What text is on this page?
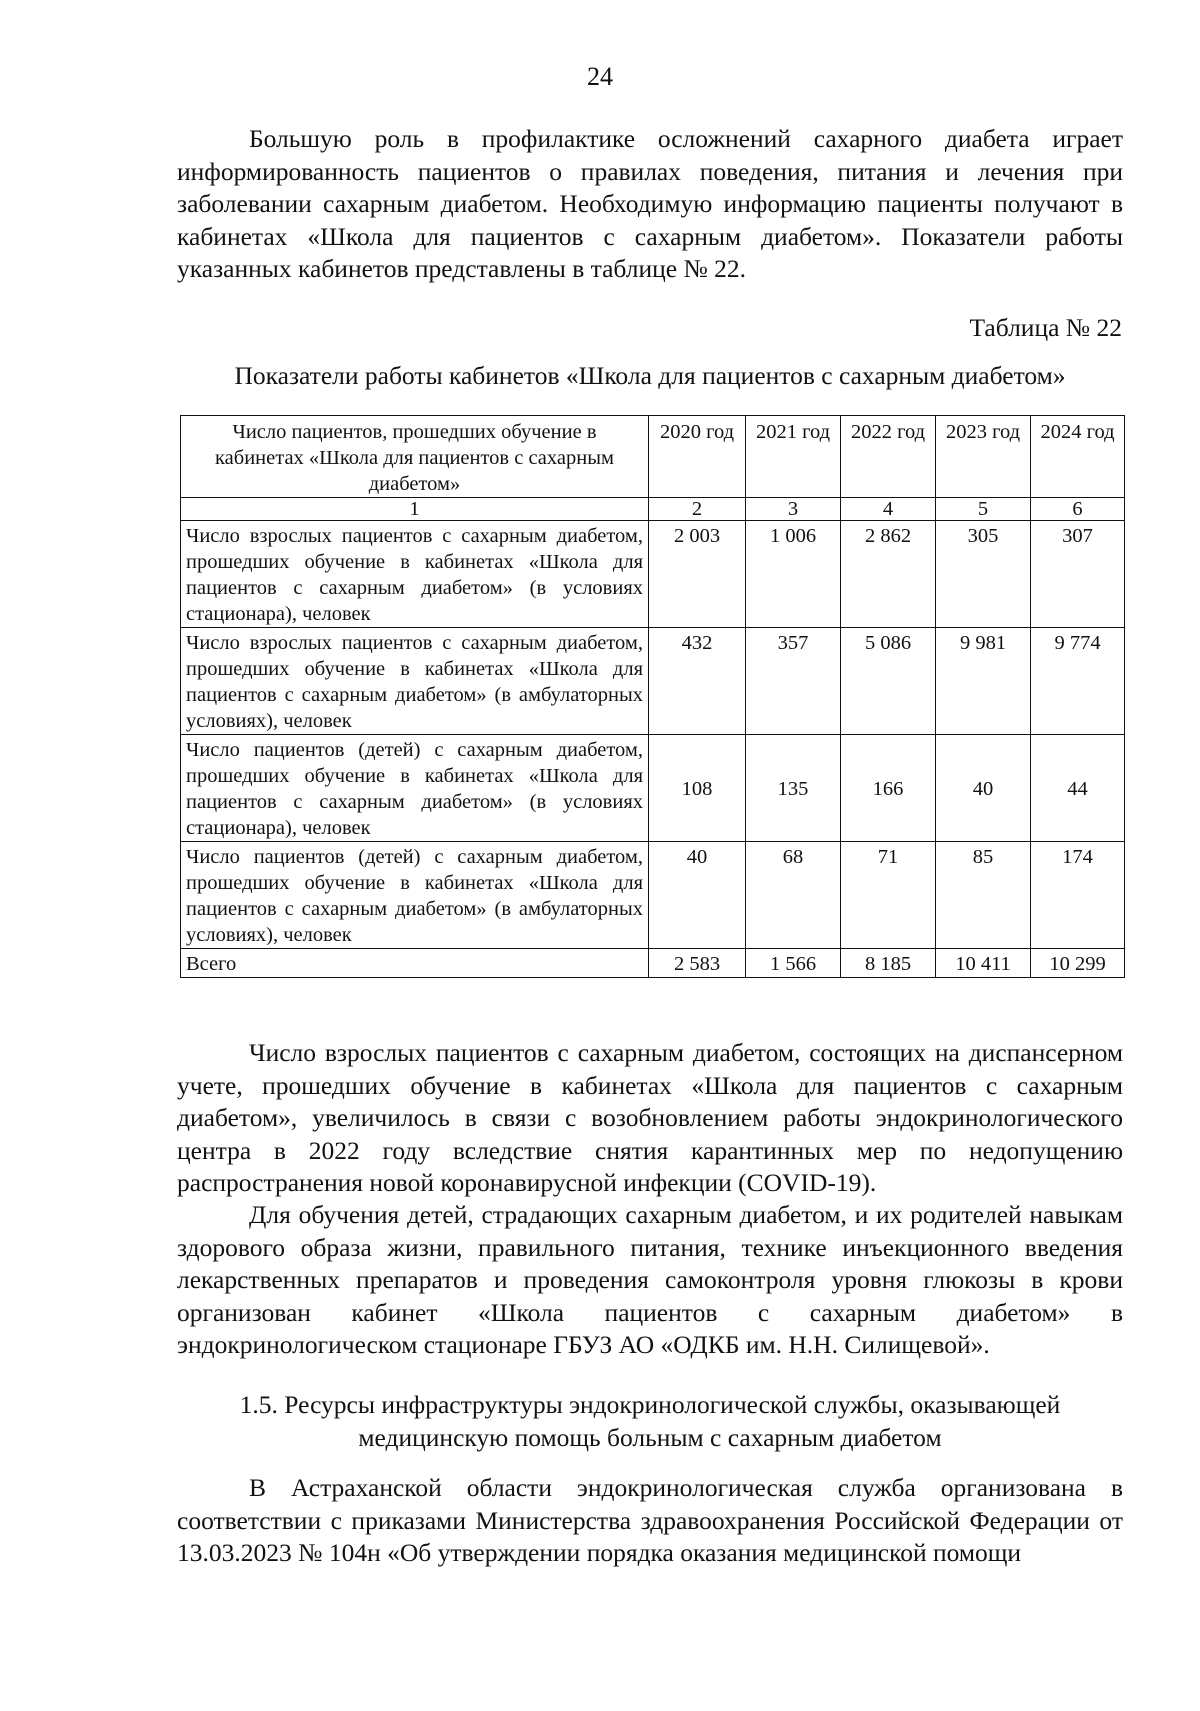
24

Большую роль в профилактике осложнений сахарного диабета играет информированность пациентов о правилах поведения, питания и лечения при заболевании сахарным диабетом. Необходимую информацию пациенты получают в кабинетах «Школа для пациентов с сахарным диабетом». Показатели работы указанных кабинетов представлены в таблице № 22.

Таблица № 22
Показатели работы кабинетов «Школа для пациентов с сахарным диабетом»
Число пациентов, прошедших обучение в кабинетах «Школа для пациентов с сахарным диабетом»	2020 год	2021 год	2022 год	2023 год	2024 год
1	2	3	4	5	6
Число взрослых пациентов с сахарным диабетом, прошедших обучение в кабинетах «Школа для пациентов с сахарным диабетом» (в условиях стационара), человек	2 003	1 006	2 862	305	307
Число взрослых пациентов с сахарным диабетом, прошедших обучение в кабинетах «Школа для пациентов с сахарным диабетом» (в амбулаторных условиях), человек	432	357	5 086	9 981	9 774
Число пациентов (детей) с сахарным диабетом, прошедших обучение в кабинетах «Школа для пациентов с сахарным диабетом» (в условиях стационара), человек	108	135	166	40	44
Число пациентов (детей) с сахарным диабетом, прошедших обучение в кабинетах «Школа для пациентов с сахарным диабетом» (в амбулаторных условиях), человек	40	68	71	85	174
Всего	2 583	1 566	8 185	10 411	10 299

Число взрослых пациентов с сахарным диабетом, состоящих на диспансерном учете, прошедших обучение в кабинетах «Школа для пациентов с сахарным диабетом», увеличилось в связи с возобновлением работы эндокринологического центра в 2022 году вследствие снятия карантинных мер по недопущению распространения новой коронавирусной инфекции (COVID-19).

Для обучения детей, страдающих сахарным диабетом, и их родителей навыкам здорового образа жизни, правильного питания, технике инъекционного введения лекарственных препаратов и проведения самоконтроля уровня глюкозы в крови организован кабинет «Школа пациентов с сахарным диабетом» в эндокринологическом стационаре ГБУЗ АО «ОДКБ им. Н.Н. Силищевой».

1.5. Ресурсы инфраструктуры эндокринологической службы, оказывающей медицинскую помощь больным с сахарным диабетом

В Астраханской области эндокринологическая служба организована в соответствии с приказами Министерства здравоохранения Российской Федерации от 13.03.2023 № 104н «Об утверждении порядка оказания медицинской помощи
